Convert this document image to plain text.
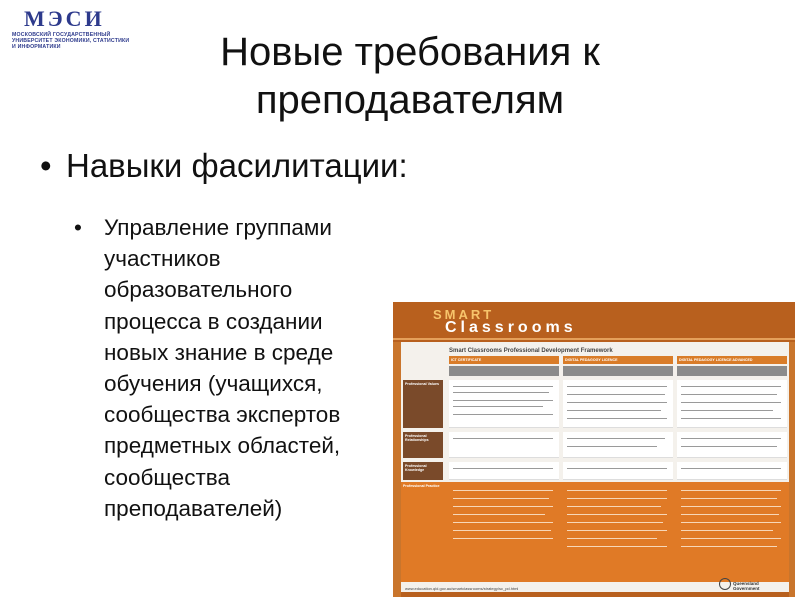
МЭСИ
МОСКОВСКИЙ ГОСУДАРСТВЕННЫЙ УНИВЕРСИТЕТ ЭКОНОМИКИ, СТАТИСТИКИ И ИНФОРМАТИКИ	Новые требования к преподавателям
• Навыки фасилитации:
• Управление группами участников образовательного процесса в создании новых знание в среде обучения (учащихся, сообщества экспертов предметных областей, сообщества преподавателей)
SMART
Classrooms
Smart Classrooms Professional Development Framework
ICT CERTIFICATE	DIGITAL PEDAGOGY LICENCE	DIGITAL PEDAGOGY LICENCE ADVANCED
Professional Values
Professional Relationships
Professional Knowledge
Professional Practice
www.education.qld.gov.au/smartclassrooms/strategy/sc_pd.html
Queensland Government
